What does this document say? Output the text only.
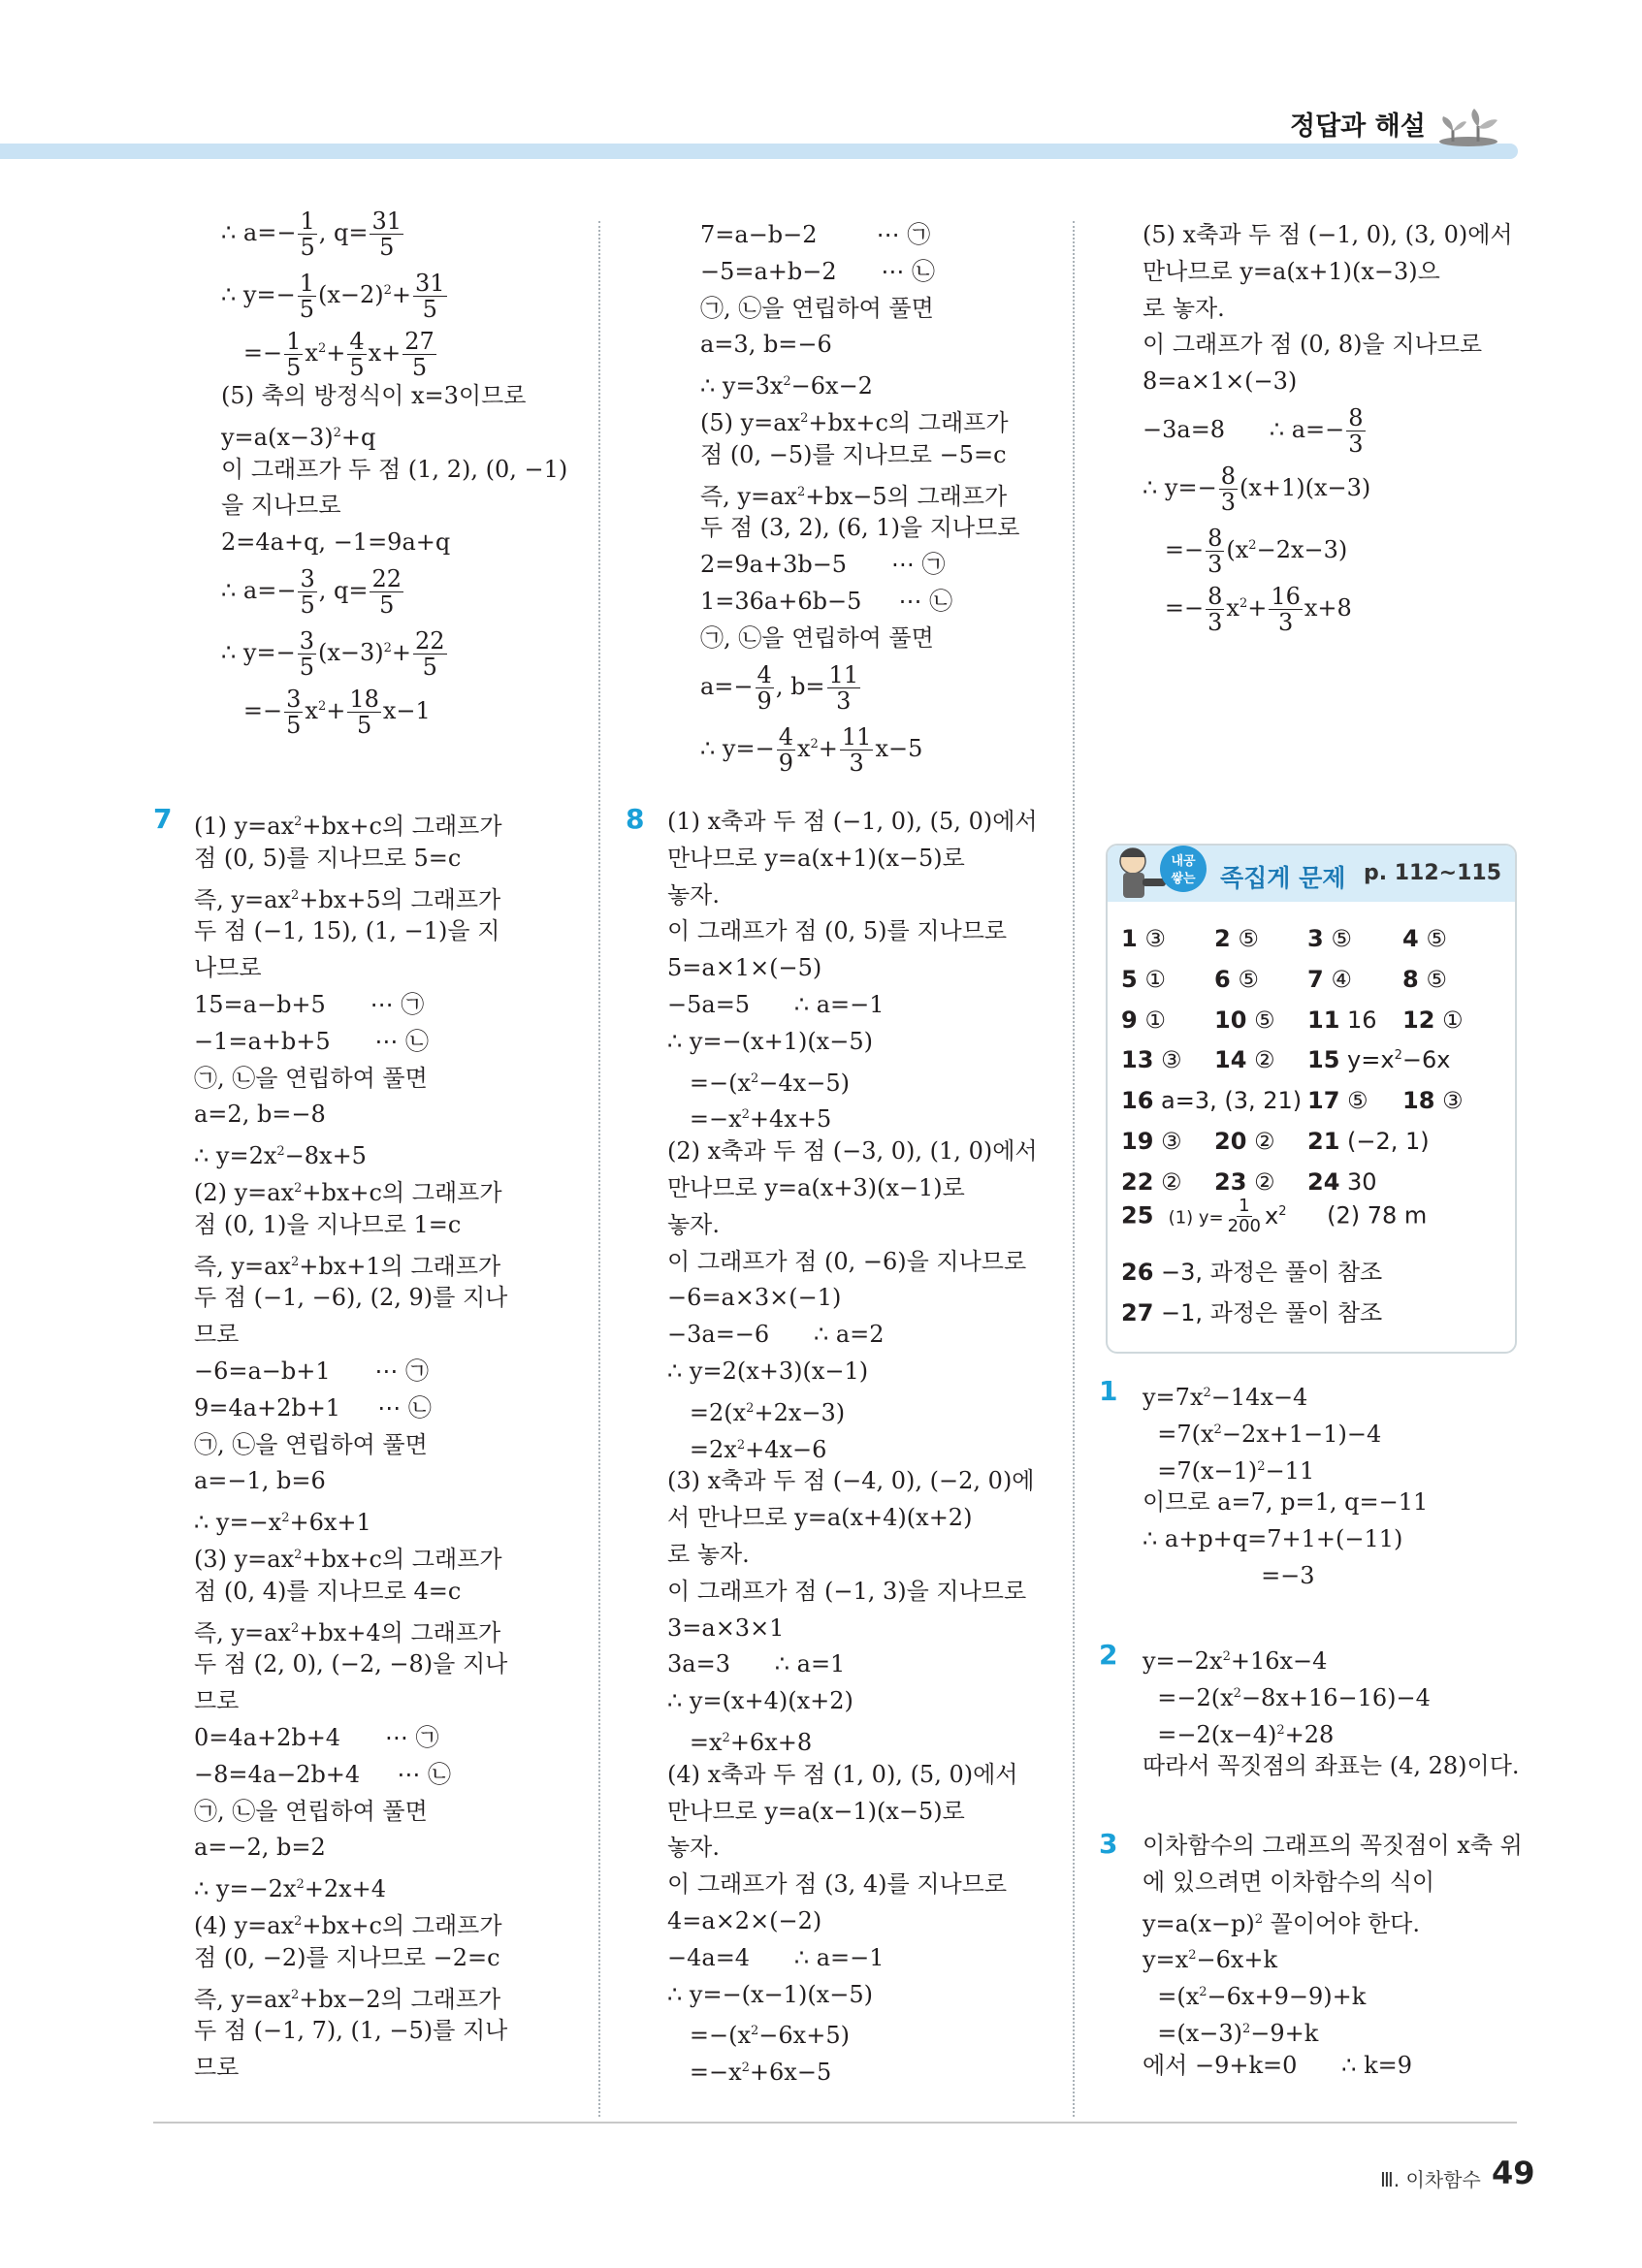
정답과 해설
∴ $a=- \frac{1}{5}$ , $q= \frac{31}{5}$
∴ $y=- \frac{1}{5} (x-2)^2+ \frac{31}{5}$
=− $\frac{1}{5} x^2+ \frac{4}{5} x+ \frac{27}{5}$
(5) 축의 방정식이 x=3이므로
$y=a(x-3)^2+q$
이 그래프가 두 점 (1, 2), (0, −1)
을 지나므로
2=4a+q, −1=9a+q
∴ $a=- \frac{3}{5}$ , $q= \frac{22}{5}$
∴ $y=- \frac{3}{5} (x-3)^2+ \frac{22}{5}$
=− $\frac{3}{5} x^2+ \frac{18}{5} x-1$
7=a−b−2        ⋯ ㉠
−5=a+b−2      ⋯ ㉡
㉠, ㉡을 연립하여 풀면
a=3, b=−6
∴ $y=3x^2-6x-2$
(5) $y=ax^2+bx+c$의 그래프가
점 (0, −5)를 지나므로 −5=c
즉, $y=ax^2+bx-5$의 그래프가
두 점 (3, 2), (6, 1)을 지나므로
2=9a+3b−5      ⋯ ㉠
1=36a+6b−5     ⋯ ㉡
㉠, ㉡을 연립하여 풀면
$a=- \frac{4}{9}$ , $b= \frac{11}{3}$
∴ $y=- \frac{4}{9} x^2+ \frac{11}{3} x-5$
(5) x축과 두 점 (−1, 0), (3, 0)에서
만나므로 y=a(x+1)(x−3)으
로 놓자.
이 그래프가 점 (0, 8)을 지나므로
8=a×1×(−3)
−3a=8      ∴ $a=- \frac{8}{3}$
∴ $y=- \frac{8}{3} (x+1)(x-3)$
=− $\frac{8}{3} (x^2-2x-3)$
=− $\frac{8}{3} x^2+ \frac{16}{3} x+8$
7 (1) $y=ax^2+bx+c$의 그래프가
점 (0, 5)를 지나므로 5=c
즉, $y=ax^2+bx+5$의 그래프가
두 점 (−1, 15), (1, −1)을 지
나므로
15=a−b+5      ⋯ ㉠
−1=a+b+5      ⋯ ㉡
㉠, ㉡을 연립하여 풀면
a=2, b=−8
∴ $y=2x^2-8x+5$
(2) $y=ax^2+bx+c$의 그래프가
점 (0, 1)을 지나므로 1=c
즉, $y=ax^2+bx+1$의 그래프가
두 점 (−1, −6), (2, 9)를 지나
므로
−6=a−b+1      ⋯ ㉠
9=4a+2b+1     ⋯ ㉡
㉠, ㉡을 연립하여 풀면
a=−1, b=6
∴ $y=-x^2+6x+1$
(3) $y=ax^2+bx+c$의 그래프가
점 (0, 4)를 지나므로 4=c
즉, $y=ax^2+bx+4$의 그래프가
두 점 (2, 0), (−2, −8)을 지나
므로
0=4a+2b+4      ⋯ ㉠
−8=4a−2b+4     ⋯ ㉡
㉠, ㉡을 연립하여 풀면
a=−2, b=2
∴ $y=-2x^2+2x+4$
(4) $y=ax^2+bx+c$의 그래프가
점 (0, −2)를 지나므로 −2=c
즉, $y=ax^2+bx-2$의 그래프가
두 점 (−1, 7), (1, −5)를 지나
므로
8 (1) x축과 두 점 (−1, 0), (5, 0)에서
만나므로 y=a(x+1)(x−5)로
놓자.
이 그래프가 점 (0, 5)를 지나므로
5=a×1×(−5)
−5a=5      ∴ a=−1
∴ y=−(x+1)(x−5)
$=-(x^2-4x-5)$
$=-x^2+4x+5$
(2) x축과 두 점 (−3, 0), (1, 0)에서
만나므로 y=a(x+3)(x−1)로
놓자.
이 그래프가 점 (0, −6)을 지나므로
−6=a×3×(−1)
−3a=−6      ∴ a=2
∴ y=2(x+3)(x−1)
$=2(x^2+2x-3)$
$=2x^2+4x-6$
(3) x축과 두 점 (−4, 0), (−2, 0)에
서 만나므로 y=a(x+4)(x+2)
로 놓자.
이 그래프가 점 (−1, 3)을 지나므로
3=a×3×1
3a=3      ∴ a=1
∴ y=(x+4)(x+2)
$=x^2+6x+8$
(4) x축과 두 점 (1, 0), (5, 0)에서
만나므로 y=a(x−1)(x−5)로
놓자.
이 그래프가 점 (3, 4)를 지나므로
4=a×2×(−2)
−4a=4      ∴ a=−1
∴ y=−(x−1)(x−5)
$=-(x^2-6x+5)$
$=-x^2+6x-5$
내공
쌓는 족집게 문제 p. 112~115
1 ③ 2 ⑤ 3 ⑤ 4 ⑤
5 ① 6 ⑤ 7 ④ 8 ⑤
9 ① 10 ⑤ 11 16 12 ①
13 ③ 14 ② 15 $y=x^2-6x$
16 a=3, (3, 21) 17 ⑤ 18 ③
19 ③ 20 ② 21 (−2, 1)
22 ② 23 ② 24 30
25 (1) $y= \frac{1}{200} x^2$ (2) 78 m
26 −3, 과정은 풀이 참조
27 −1, 과정은 풀이 참조
1 $y=7x^2-14x-4$
$=7(x^2-2x+1-1)-4$
$=7(x-1)^2-11$
이므로 a=7, p=1, q=−11
∴ a+p+q=7+1+(−11)
=−3
2 $y=-2x^2+16x-4$
$=-2(x^2-8x+16-16)-4$
$=-2(x-4)^2+28$
따라서 꼭짓점의 좌표는 (4, 28)이다.
3 이차함수의 그래프의 꼭짓점이 x축 위
에 있으려면 이차함수의 식이
$y=a(x-p)^2$ 꼴이어야 한다.
$y=x^2-6x+k$
$=(x^2-6x+9-9)+k$
$=(x-3)^2-9+k$
에서 −9+k=0      ∴ k=9
Ⅲ. 이차함수 49
